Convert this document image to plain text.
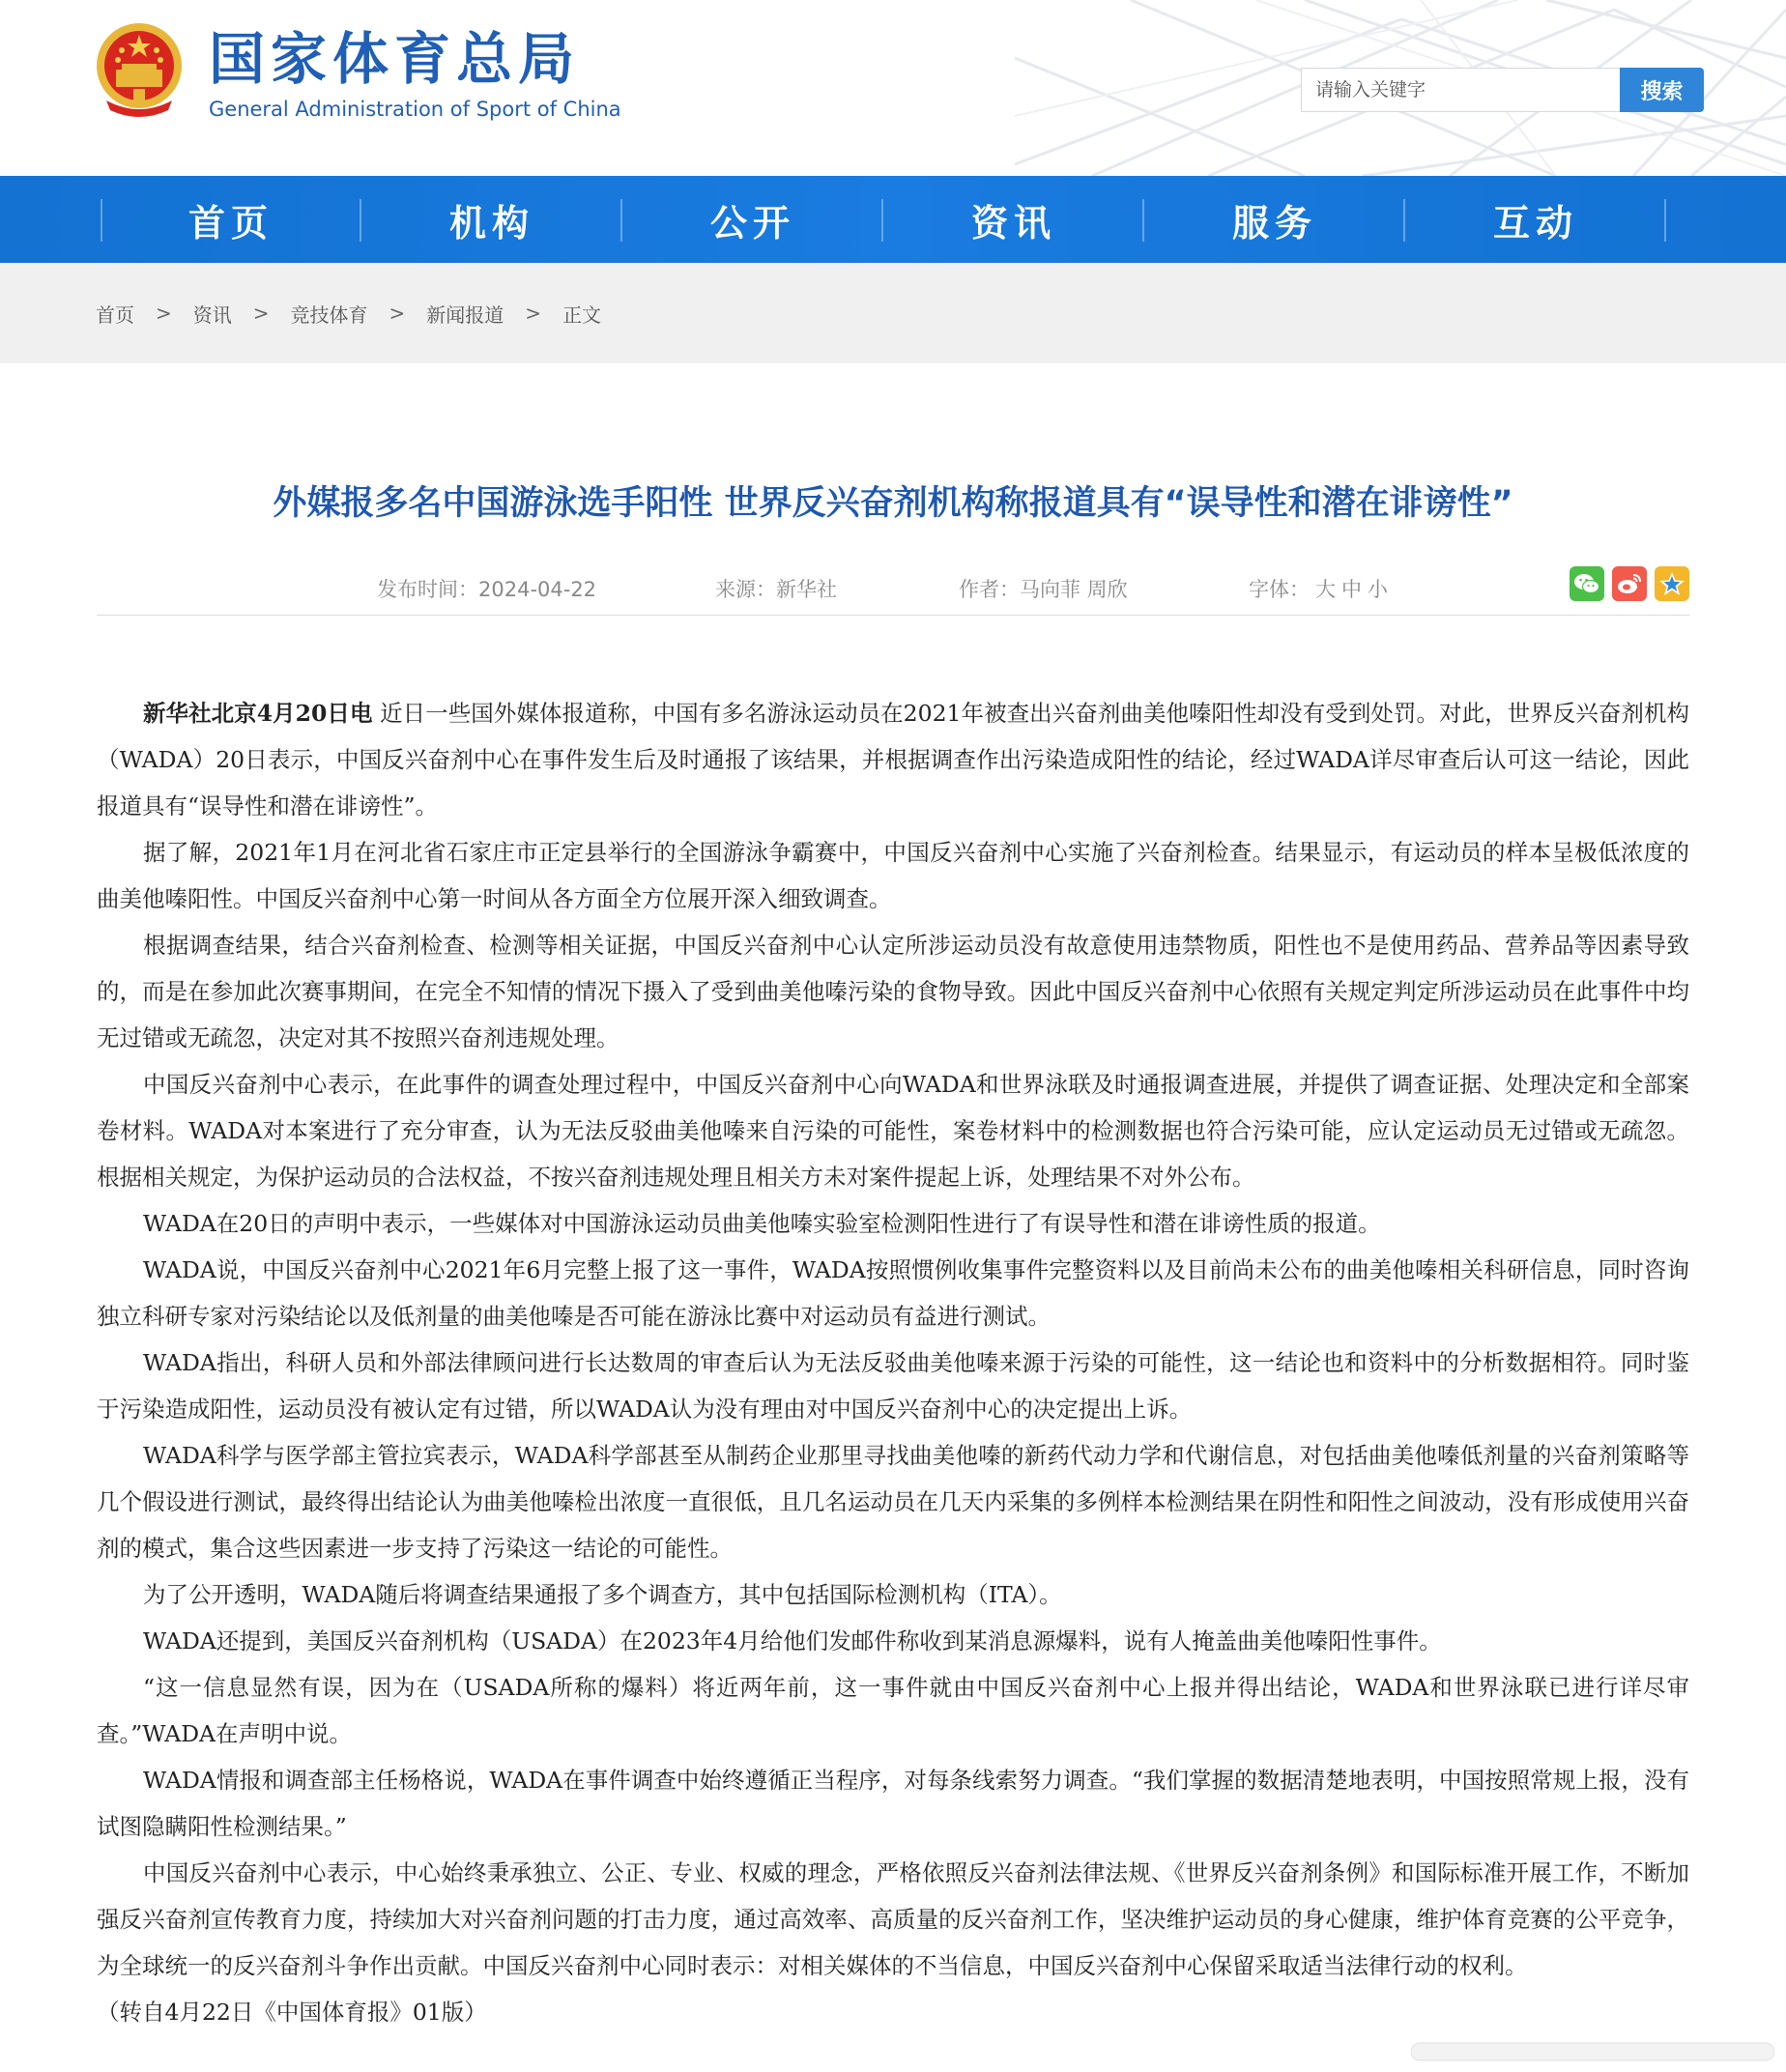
国家体育总局
General Administration of Sport of China
请输入关键字
搜索
首页	机构	公开	资讯	服务	互动
首页 > 资讯 > 竞技体育 > 新闻报道 > 正文
外媒报多名中国游泳选手阳性 世界反兴奋剂机构称报道具有“误导性和潜在诽谤性”
发布时间：2024-04-22	来源：新华社	作者：马向菲 周欣	字体： 大 中 小

新华社北京4月20日电 近日一些国外媒体报道称，中国有多名游泳运动员在2021年被查出兴奋剂曲美他嗪阳性却没有受到处罚。对此，世界反兴奋剂机构（WADA）20日表示，中国反兴奋剂中心在事件发生后及时通报了该结果，并根据调查作出污染造成阳性的结论，经过WADA详尽审查后认可这一结论，因此报道具有“误导性和潜在诽谤性”。

据了解，2021年1月在河北省石家庄市正定县举行的全国游泳争霸赛中，中国反兴奋剂中心实施了兴奋剂检查。结果显示，有运动员的样本呈极低浓度的曲美他嗪阳性。中国反兴奋剂中心第一时间从各方面全方位展开深入细致调查。

根据调查结果，结合兴奋剂检查、检测等相关证据，中国反兴奋剂中心认定所涉运动员没有故意使用违禁物质，阳性也不是使用药品、营养品等因素导致的，而是在参加此次赛事期间，在完全不知情的情况下摄入了受到曲美他嗪污染的食物导致。因此中国反兴奋剂中心依照有关规定判定所涉运动员在此事件中均无过错或无疏忽，决定对其不按照兴奋剂违规处理。

中国反兴奋剂中心表示，在此事件的调查处理过程中，中国反兴奋剂中心向WADA和世界泳联及时通报调查进展，并提供了调查证据、处理决定和全部案卷材料。WADA对本案进行了充分审查，认为无法反驳曲美他嗪来自污染的可能性，案卷材料中的检测数据也符合污染可能，应认定运动员无过错或无疏忽。根据相关规定，为保护运动员的合法权益，不按兴奋剂违规处理且相关方未对案件提起上诉，处理结果不对外公布。

WADA在20日的声明中表示，一些媒体对中国游泳运动员曲美他嗪实验室检测阳性进行了有误导性和潜在诽谤性质的报道。

WADA说，中国反兴奋剂中心2021年6月完整上报了这一事件，WADA按照惯例收集事件完整资料以及目前尚未公布的曲美他嗪相关科研信息，同时咨询独立科研专家对污染结论以及低剂量的曲美他嗪是否可能在游泳比赛中对运动员有益进行测试。

WADA指出，科研人员和外部法律顾问进行长达数周的审查后认为无法反驳曲美他嗪来源于污染的可能性，这一结论也和资料中的分析数据相符。同时鉴于污染造成阳性，运动员没有被认定有过错，所以WADA认为没有理由对中国反兴奋剂中心的决定提出上诉。

WADA科学与医学部主管拉宾表示，WADA科学部甚至从制药企业那里寻找曲美他嗪的新药代动力学和代谢信息，对包括曲美他嗪低剂量的兴奋剂策略等几个假设进行测试，最终得出结论认为曲美他嗪检出浓度一直很低，且几名运动员在几天内采集的多例样本检测结果在阴性和阳性之间波动，没有形成使用兴奋剂的模式，集合这些因素进一步支持了污染这一结论的可能性。

为了公开透明，WADA随后将调查结果通报了多个调查方，其中包括国际检测机构（ITA）。

WADA还提到，美国反兴奋剂机构（USADA）在2023年4月给他们发邮件称收到某消息源爆料，说有人掩盖曲美他嗪阳性事件。

“这一信息显然有误，因为在（USADA所称的爆料）将近两年前，这一事件就由中国反兴奋剂中心上报并得出结论，WADA和世界泳联已进行详尽审查。”WADA在声明中说。

WADA情报和调查部主任杨格说，WADA在事件调查中始终遵循正当程序，对每条线索努力调查。“我们掌握的数据清楚地表明，中国按照常规上报，没有试图隐瞒阳性检测结果。”

中国反兴奋剂中心表示，中心始终秉承独立、公正、专业、权威的理念，严格依照反兴奋剂法律法规、《世界反兴奋剂条例》和国际标准开展工作，不断加强反兴奋剂宣传教育力度，持续加大对兴奋剂问题的打击力度，通过高效率、高质量的反兴奋剂工作，坚决维护运动员的身心健康，维护体育竞赛的公平竞争，为全球统一的反兴奋剂斗争作出贡献。中国反兴奋剂中心同时表示：对相关媒体的不当信息，中国反兴奋剂中心保留采取适当法律行动的权利。

（转自4月22日《中国体育报》01版）
